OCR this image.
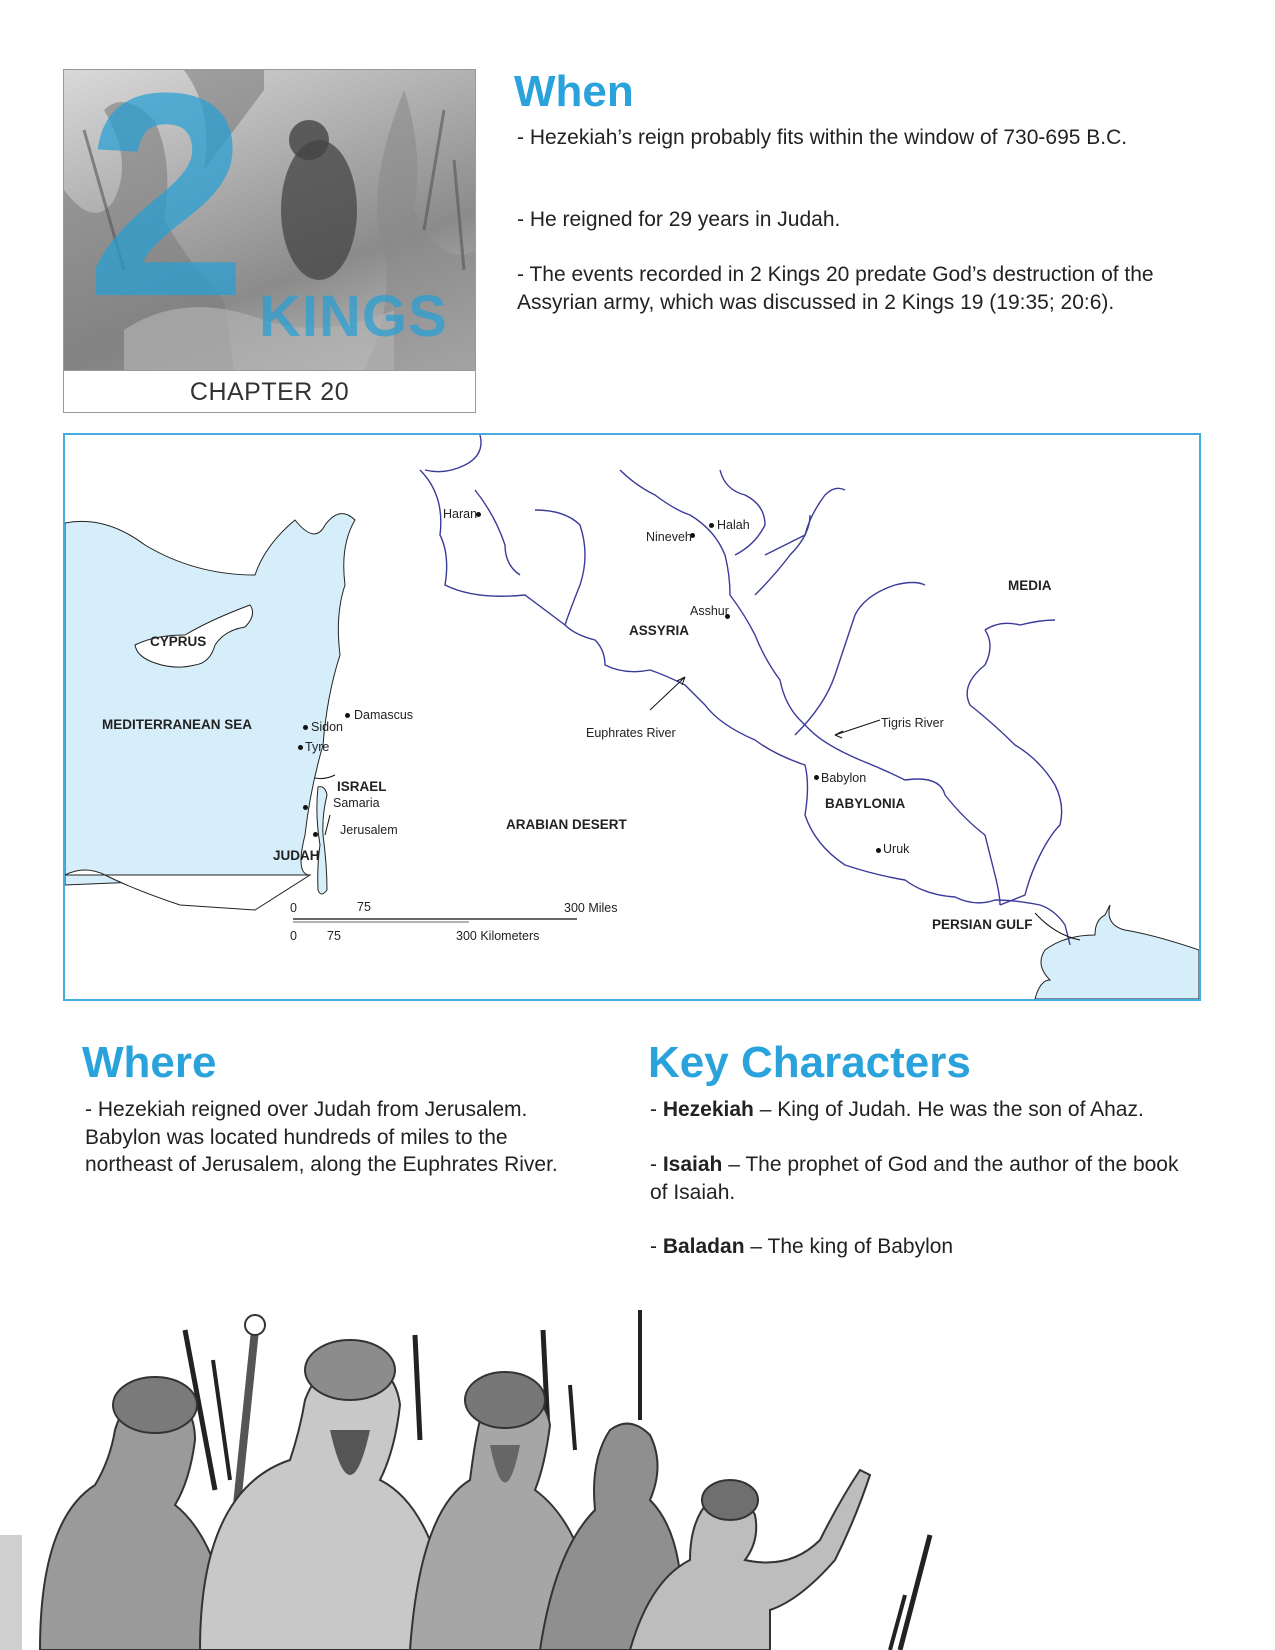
2 KINGS
CHAPTER 20
When

- Hezekiah’s reign probably fits within the window of 730-695 B.C.

- He reigned for 29 years in Judah.

- The events recorded in 2 Kings 20 predate God’s destruction of the Assyrian army, which was discussed in 2 Kings 19 (19:35; 20:6).

CYPRUS
MEDITERRANEAN SEA
ISRAEL
JUDAH
ARABIAN DESERT
ASSYRIA
MEDIA
BABYLONIA
PERSIAN GULF
Haran
Nineveh
Halah
Asshur
Damascus
Sidon
Tyre
Samaria
Jerusalem
Babylon
Uruk
Euphrates River
Tigris River
0	75	300 Miles
0 75	300 Kilometers
Where

- Hezekiah reigned over Judah from Jerusalem. Babylon was located hundreds of miles to the northeast of Jerusalem, along the Euphrates River.

Key Characters

- Hezekiah – King of Judah. He was the son of Ahaz.

- Isaiah – The prophet of God and the author of the book of Isaiah.

- Baladan – The king of Babylon
